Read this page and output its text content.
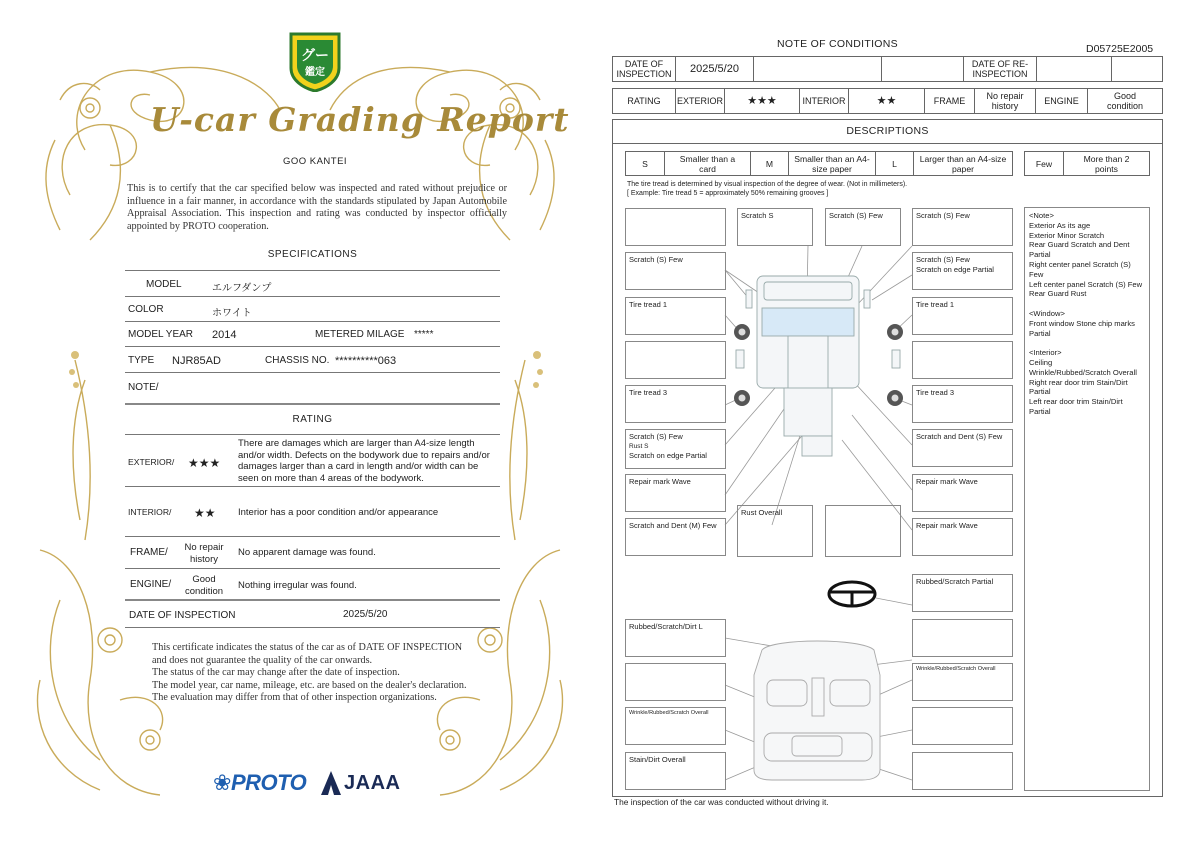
グー
鑑定
U-car Grading Report
GOO KANTEI
This is to certify that the car specified below was inspected and rated without prejudice or influence in a fair manner, in accordance with the standards stipulated by Japan Automobile Appraisal Association. This inspection and rating was conducted by inspector officially appointed by PROTO cooperation.
SPECIFICATIONS
MODEL	エルフダンプ
COLOR	ホワイト
MODEL YEAR 2014	METERED MILAGE *****
TYPE NJR85AD	CHASSIS NO. **********063
NOTE/
RATING
EXTERIOR/ ★★★
There are damages which are larger than A4-size length and/or width. Defects on the bodywork due to repairs and/or damages larger than a card in length and/or width can be seen on more than 4 areas of the bodywork.
INTERIOR/ ★★ Interior has a poor condition and/or appearance
FRAME/	No repair history
No apparent damage was found.
ENGINE/	Good condition	Nothing irregular was found.
DATE OF INSPECTION	2025/5/20
This certificate indicates the status of the car as of DATE OF INSPECTION and does not guarantee the quality of the car onwards.
The status of the car may change after the date of inspection.
The model year, car name, mileage, etc. are based on the dealer's declaration.
The evaluation may differ from that of other inspection organizations.
❀PROTO JAAA
NOTE OF CONDITIONS	D05725E2005
DATE OF INSPECTION	2025/5/20	DATE OF RE-INSPECTION
RATING	EXTERIOR	★★★	INTERIOR	★★	FRAME	No repair history	ENGINE	Good condition
DESCRIPTIONS
S	Smaller than a card	M	Smaller than an A4-size paper	L	Larger than an A4-size paper	Few	More than 2 points
The tire tread is determined by visual inspection of the degree of wear. (Not in millimeters).
[ Example: Tire tread 5 = approximately 50% remaining grooves ]
Scratch (S) Few
Tire tread 1
Tire tread 3
Scratch (S) Few
Rust S
Scratch on edge Partial
Repair mark Wave
Scratch and Dent (M) Few
Rubbed/Scratch/Dirt L
Wrinkle/Rubbed/Scratch Overall
Stain/Dirt Overall
Scratch S	Scratch (S) Few
Rust Overall
Scratch (S) Few
Scratch (S) Few
Scratch on edge Partial
Tire tread 1
Tire tread 3
Scratch and Dent (S) Few
Repair mark Wave
Repair mark Wave
Rubbed/Scratch Partial
Wrinkle/Rubbed/Scratch Overall
<Note>
Exterior As its age
Exterior Minor Scratch
Rear Guard Scratch and Dent Partial
Right center panel Scratch (S) Few
Left center panel Scratch (S) Few
Rear Guard Rust
<Window>
Front window Stone chip marks Partial
<Interior>
Ceiling
Wrinkle/Rubbed/Scratch Overall
Right rear door trim Stain/Dirt Partial
Left rear door trim Stain/Dirt Partial
The inspection of the car was conducted without driving it.
